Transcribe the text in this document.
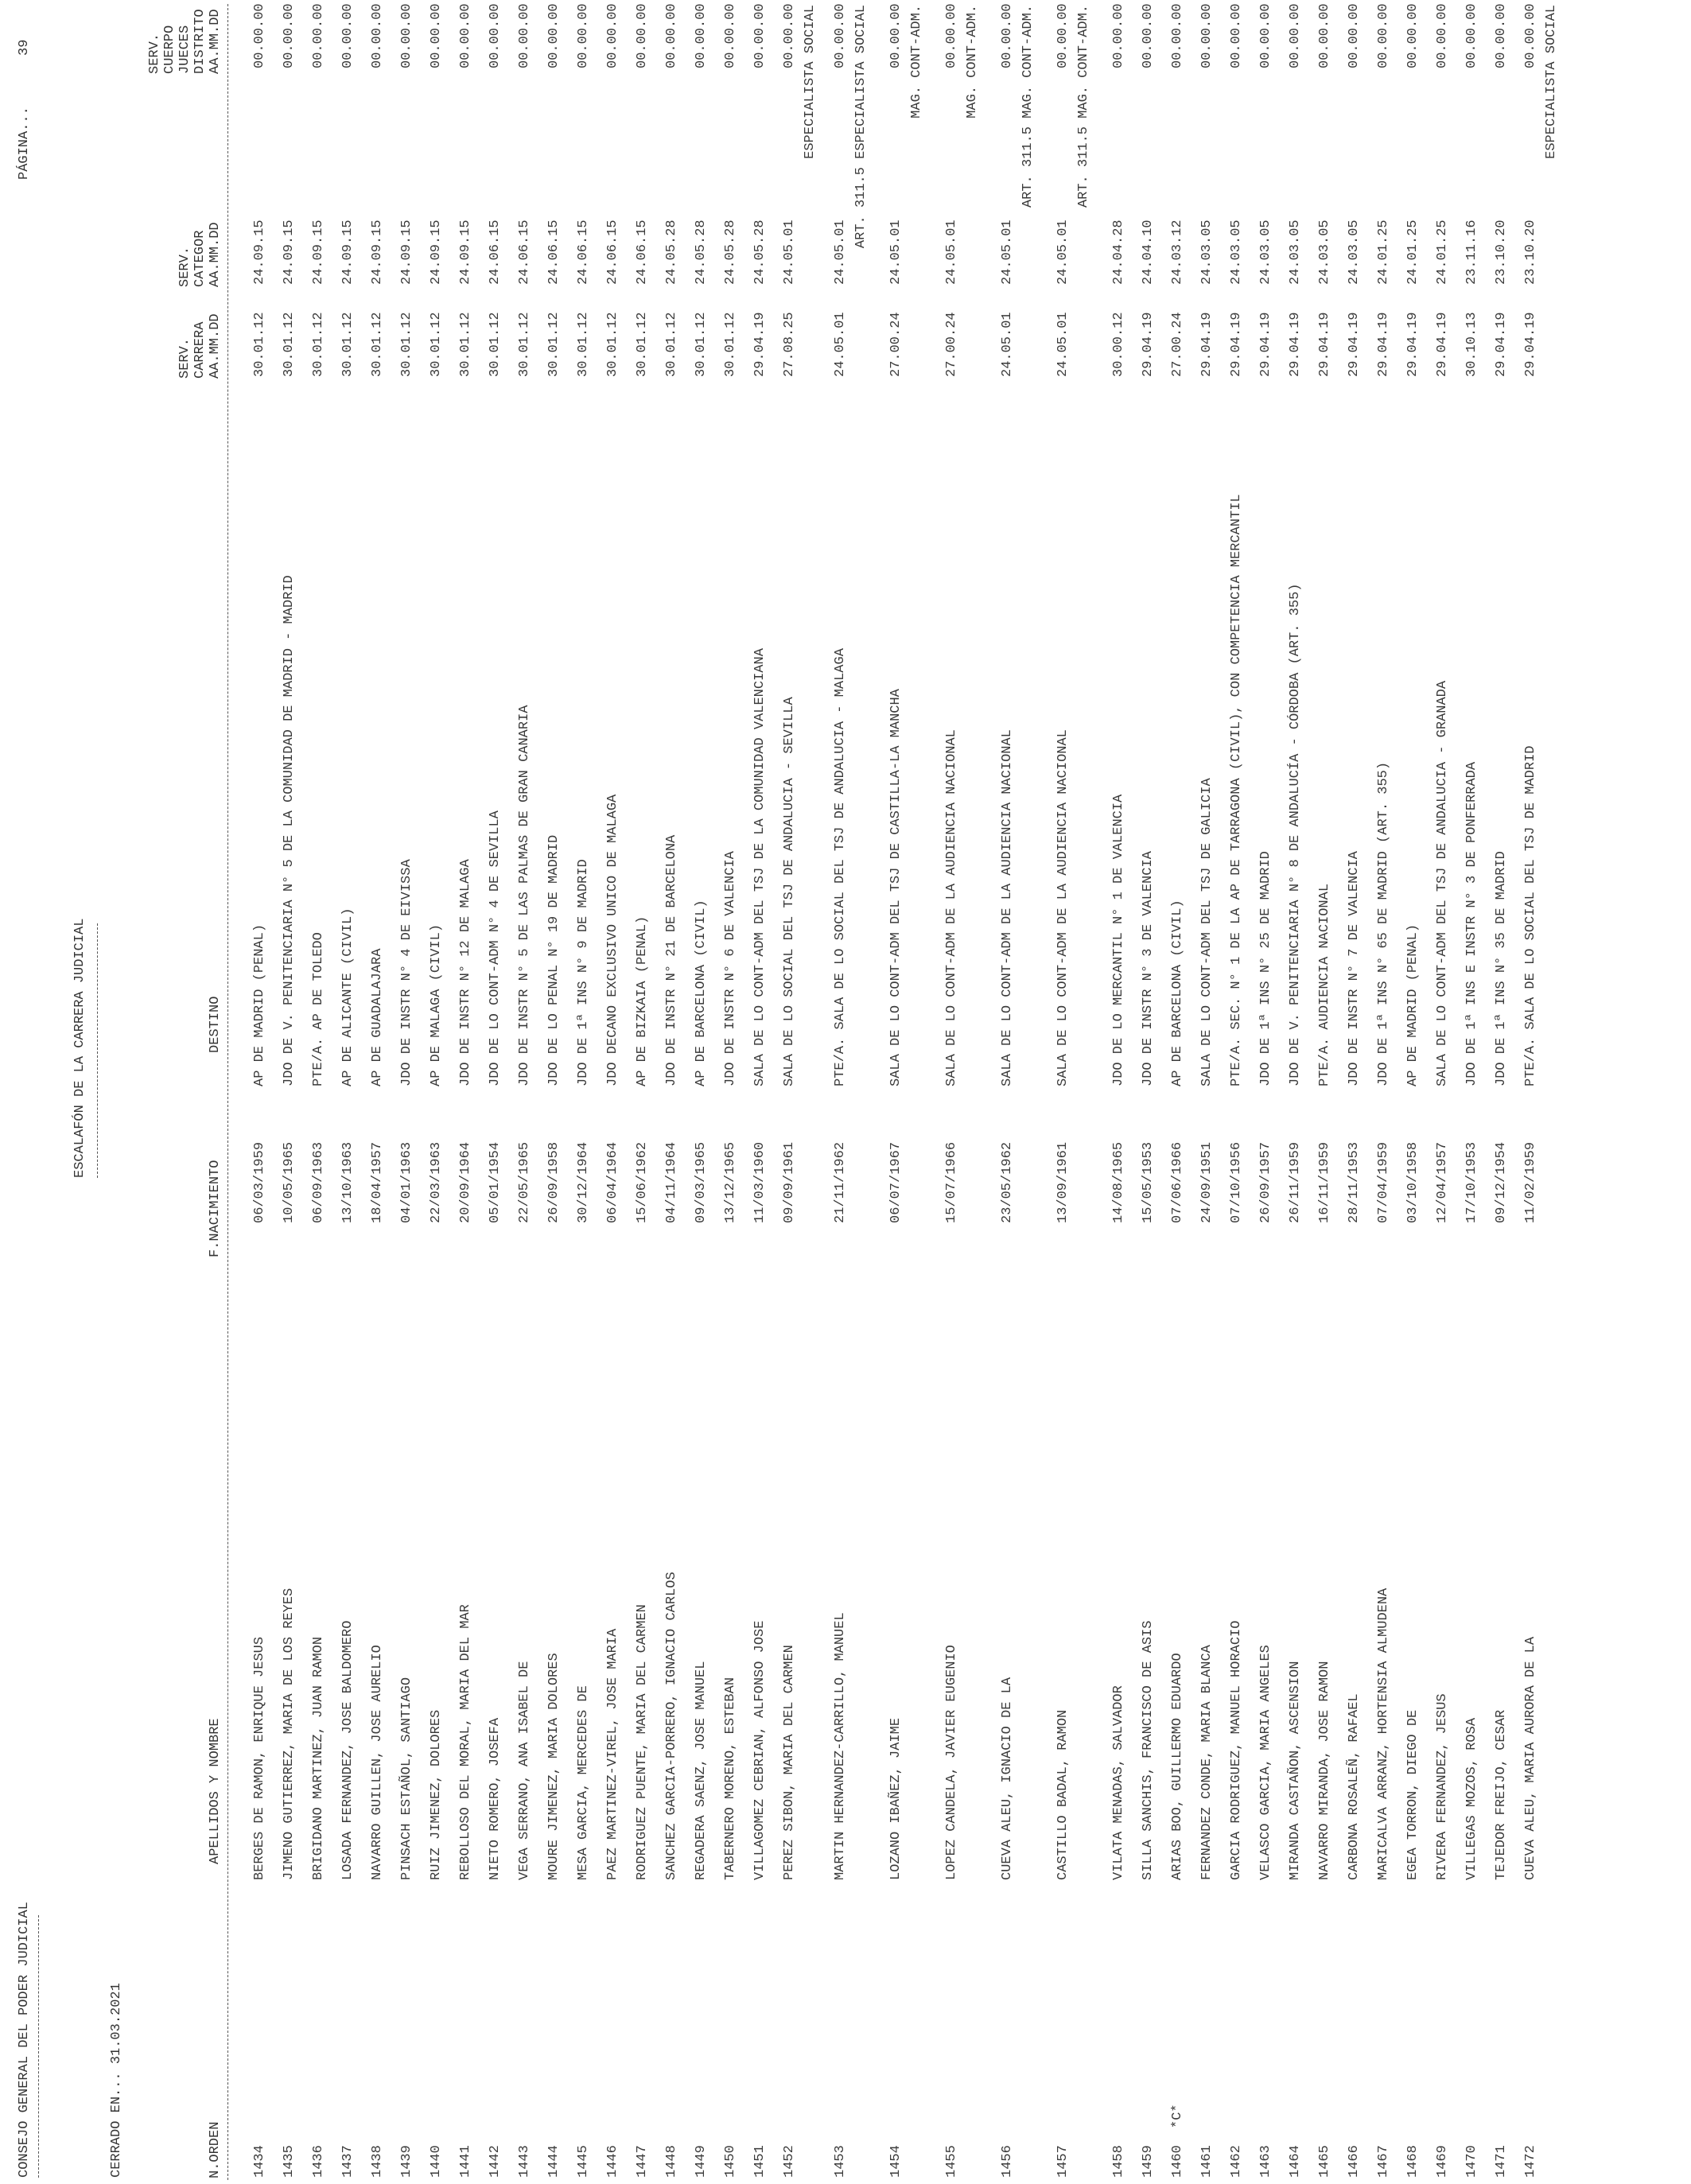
CONSEJO GENERAL DEL PODER JUDICIAL	CERRADO EN... 31.03.2021
ESCALAFÓN DE LA CARRERA JUDICIAL
PÁGINA...
39
N.ORDEN
APELLIDOS Y NOMBRE
F.NACIMIENTO
DESTINO
SERV. CARRERA AA.MM.DD
SERV. CATEGOR AA.MM.DD
SERV. CUERPO JUECES DISTRITO AA.MM.DD
1434
BERGES DE RAMON, ENRIQUE JESUS
06/03/1959
AP DE MADRID (PENAL)
30.01.12
24.09.15
00.00.00
1435
JIMENO GUTIERREZ, MARIA DE LOS REYES
10/05/1965
JDO DE V. PENITENCIARIA N° 5 DE LA COMUNIDAD DE MADRID - MADRID
30.01.12
24.09.15
00.00.00
1436
BRIGIDANO MARTINEZ, JUAN RAMON
06/09/1963
PTE/A. AP DE TOLEDO
30.01.12
24.09.15
00.00.00
1437
LOSADA FERNANDEZ, JOSE BALDOMERO
13/10/1963
AP DE ALICANTE (CIVIL)
30.01.12
24.09.15
00.00.00
1438
NAVARRO GUILLEN, JOSE AURELIO
18/04/1957
AP DE GUADALAJARA
30.01.12
24.09.15
00.00.00
1439
PINSACH ESTAÑOL, SANTIAGO
04/01/1963
JDO DE INSTR N° 4 DE EIVISSA
30.01.12
24.09.15
00.00.00
1440
RUIZ JIMENEZ, DOLORES
22/03/1963
AP DE MALAGA (CIVIL)
30.01.12
24.09.15
00.00.00
1441
REBOLLOSO DEL MORAL, MARIA DEL MAR
20/09/1964
JDO DE INSTR N° 12 DE MALAGA
30.01.12
24.09.15
00.00.00
1442
NIETO ROMERO, JOSEFA
05/01/1954
JDO DE LO CONT-ADM N° 4 DE SEVILLA
30.01.12
24.06.15
00.00.00
1443
VEGA SERRANO, ANA ISABEL DE
22/05/1965
JDO DE INSTR N° 5 DE LAS PALMAS DE GRAN CANARIA
30.01.12
24.06.15
00.00.00
1444
MOURE JIMENEZ, MARIA DOLORES
26/09/1958
JDO DE LO PENAL N° 19 DE MADRID
30.01.12
24.06.15
00.00.00
1445
MESA GARCIA, MERCEDES DE
30/12/1964
JDO DE 1ª INS N° 9 DE MADRID
30.01.12
24.06.15
00.00.00
1446
PAEZ MARTINEZ-VIREL, JOSE MARIA
06/04/1964
JDO DECANO EXCLUSIVO UNICO DE MALAGA
30.01.12
24.06.15
00.00.00
1447
RODRIGUEZ PUENTE, MARIA DEL CARMEN
15/06/1962
AP DE BIZKAIA (PENAL)
30.01.12
24.06.15
00.00.00
1448
SANCHEZ GARCIA-PORRERO, IGNACIO CARLOS
04/11/1964
JDO DE INSTR N° 21 DE BARCELONA
30.01.12
24.05.28
00.00.00
1449
REGADERA SAENZ, JOSE MANUEL
09/03/1965
AP DE BARCELONA (CIVIL)
30.01.12
24.05.28
00.00.00
1450
TABERNERO MORENO, ESTEBAN
13/12/1965
JDO DE INSTR N° 6 DE VALENCIA
30.01.12
24.05.28
00.00.00
1451
VILLAGOMEZ CEBRIAN, ALFONSO JOSE
11/03/1960
SALA DE LO CONT-ADM DEL TSJ DE LA COMUNIDAD VALENCIANA
29.04.19
24.05.28
00.00.00
1452
PEREZ SIBON, MARIA DEL CARMEN
09/09/1961
SALA DE LO SOCIAL DEL TSJ DE ANDALUCIA - SEVILLA
27.08.25
24.05.01
00.00.00 ESPECIALISTA SOCIAL
1453
MARTIN HERNANDEZ-CARRILLO, MANUEL
21/11/1962
PTE/A. SALA DE LO SOCIAL DEL TSJ DE ANDALUCIA - MALAGA
24.05.01
24.05.01
00.00.00 ART. 311.5 ESPECIALISTA SOCIAL
1454
LOZANO IBAÑEZ, JAIME
06/07/1967
SALA DE LO CONT-ADM DEL TSJ DE CASTILLA-LA MANCHA
27.00.24
24.05.01
00.00.00 MAG. CONT-ADM.
1455
LOPEZ CANDELA, JAVIER EUGENIO
15/07/1966
SALA DE LO CONT-ADM DE LA AUDIENCIA NACIONAL
27.00.24
24.05.01
00.00.00 MAG. CONT-ADM.
1456
CUEVA ALEU, IGNACIO DE LA
23/05/1962
SALA DE LO CONT-ADM DE LA AUDIENCIA NACIONAL
24.05.01
24.05.01
00.00.00 ART. 311.5 MAG. CONT-ADM.
1457
CASTILLO BADAL, RAMON
13/09/1961
SALA DE LO CONT-ADM DE LA AUDIENCIA NACIONAL
24.05.01
24.05.01
00.00.00 ART. 311.5 MAG. CONT-ADM.
1458
VILATA MENADAS, SALVADOR
14/08/1965
JDO DE LO MERCANTIL N° 1 DE VALENCIA
30.00.12
24.04.28
00.00.00
1459
SILLA SANCHIS, FRANCISCO DE ASIS
15/05/1953
JDO DE INSTR N° 3 DE VALENCIA
29.04.19
24.04.10
00.00.00
*C*
1460
ARIAS BOO, GUILLERMO EDUARDO
07/06/1966
AP DE BARCELONA (CIVIL)
27.00.24
24.03.12
00.00.00
1461
FERNANDEZ CONDE, MARIA BLANCA
24/09/1951
SALA DE LO CONT-ADM DEL TSJ DE GALICIA
29.04.19
24.03.05
00.00.00
1462
GARCIA RODRIGUEZ, MANUEL HORACIO
07/10/1956
PTE/A. SEC. N° 1 DE LA AP DE TARRAGONA (CIVIL), CON COMPETENCIA MERCANTIL
29.04.19
24.03.05
00.00.00
1463
VELASCO GARCIA, MARIA ANGELES
26/09/1957
JDO DE 1ª INS N° 25 DE MADRID
29.04.19
24.03.05
00.00.00
1464
MIRANDA CASTAÑON, ASCENSION
26/11/1959
JDO DE V. PENITENCIARIA N° 8 DE ANDALUCÍA - CÓRDOBA (ART. 355)
29.04.19
24.03.05
00.00.00
1465
NAVARRO MIRANDA, JOSE RAMON
16/11/1959
PTE/A. AUDIENCIA NACIONAL
29.04.19
24.03.05
00.00.00
1466
CARBONA ROSALEÑ, RAFAEL
28/11/1953
JDO DE INSTR N° 7 DE VALENCIA
29.04.19
24.03.05
00.00.00
1467
MARICALVA ARRANZ, HORTENSIA ALMUDENA
07/04/1959
JDO DE 1ª INS N° 65 DE MADRID (ART. 355)
29.04.19
24.01.25
00.00.00
1468
EGEA TORRON, DIEGO DE
03/10/1958
AP DE MADRID (PENAL)
29.04.19
24.01.25
00.00.00
1469
RIVERA FERNANDEZ, JESUS
12/04/1957
SALA DE LO CONT-ADM DEL TSJ DE ANDALUCIA - GRANADA
29.04.19
24.01.25
00.00.00
1470
VILLEGAS MOZOS, ROSA
17/10/1953
JDO DE 1ª INS E INSTR N° 3 DE PONFERRADA
30.10.13
23.11.16
00.00.00
1471
TEJEDOR FREIJO, CESAR
09/12/1954
JDO DE 1ª INS N° 35 DE MADRID
29.04.19
23.10.20
00.00.00
1472
CUEVA ALEU, MARIA AURORA DE LA
11/02/1959
PTE/A. SALA DE LO SOCIAL DEL TSJ DE MADRID
29.04.19
23.10.20
00.00.00 ESPECIALISTA SOCIAL
